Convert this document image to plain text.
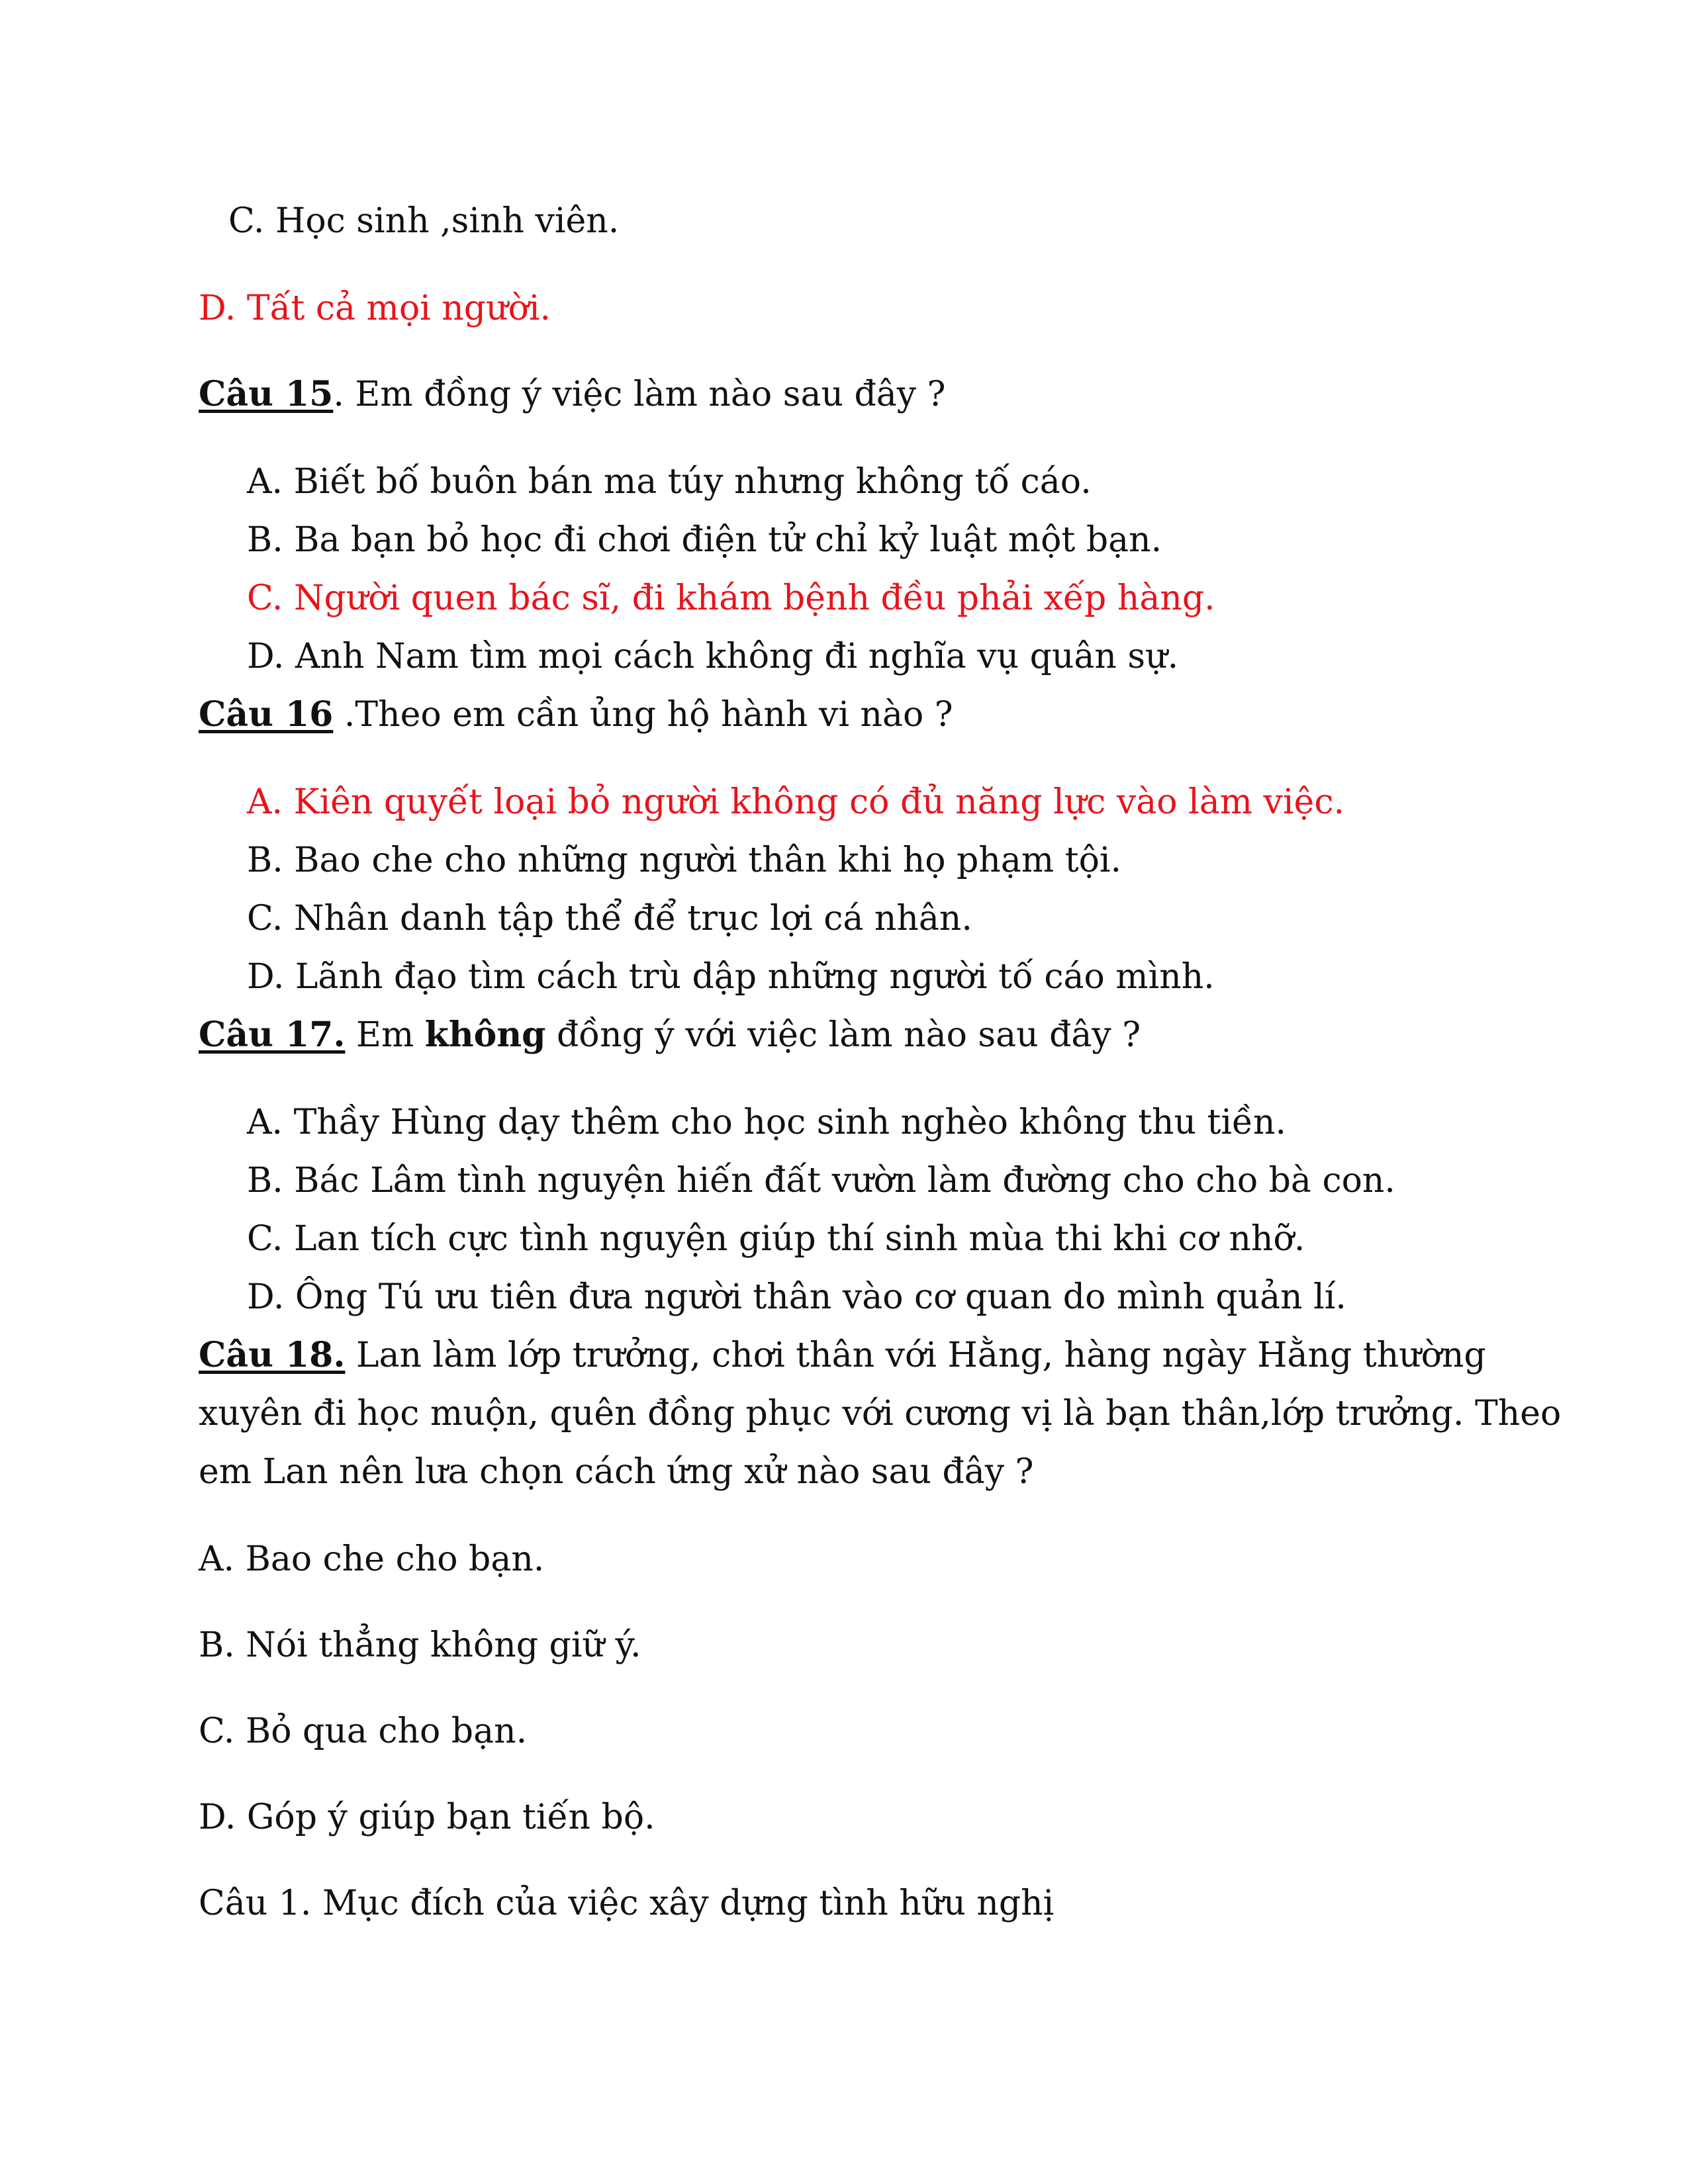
C. Học sinh ,sinh viên.
D. Tất cả mọi người.
Câu 15. Em đồng ý việc làm nào sau đây ?
A. Biết bố buôn bán ma túy nhưng không tố cáo.
B. Ba bạn bỏ học đi chơi điện tử chỉ kỷ luật một bạn.
C. Người quen bác sĩ, đi khám bệnh đều phải xếp hàng.
D. Anh Nam tìm mọi cách không đi nghĩa vụ quân sự.
Câu 16 .Theo em cần ủng hộ hành vi nào ?
A. Kiên quyết loại bỏ người không có đủ năng lực vào làm việc.
B. Bao che cho những người thân khi họ phạm tội.
C. Nhân danh tập thể để trục lợi cá nhân.
D. Lãnh đạo tìm cách trù dập những người tố cáo mình.
Câu 17. Em không đồng ý với việc làm nào sau đây ?
A. Thầy Hùng dạy thêm cho học sinh nghèo không thu tiền.
B. Bác Lâm tình nguyện hiến đất vườn làm đường cho cho bà con.
C. Lan tích cực tình nguyện giúp thí sinh mùa thi khi cơ nhỡ.
D. Ông Tú ưu tiên đưa người thân vào cơ quan do mình quản lí.
Câu 18. Lan làm lớp trưởng, chơi thân với Hằng, hàng ngày Hằng thường
xuyên đi học muộn, quên đồng phục với cương vị là bạn thân,lớp trưởng. Theo
em Lan nên lưa chọn cách ứng xử nào sau đây ?
A. Bao che cho bạn.
B. Nói thẳng không giữ ý.
C. Bỏ qua cho bạn.
D. Góp ý giúp bạn tiến bộ.
Câu 1. Mục đích của việc xây dựng tình hữu nghị
